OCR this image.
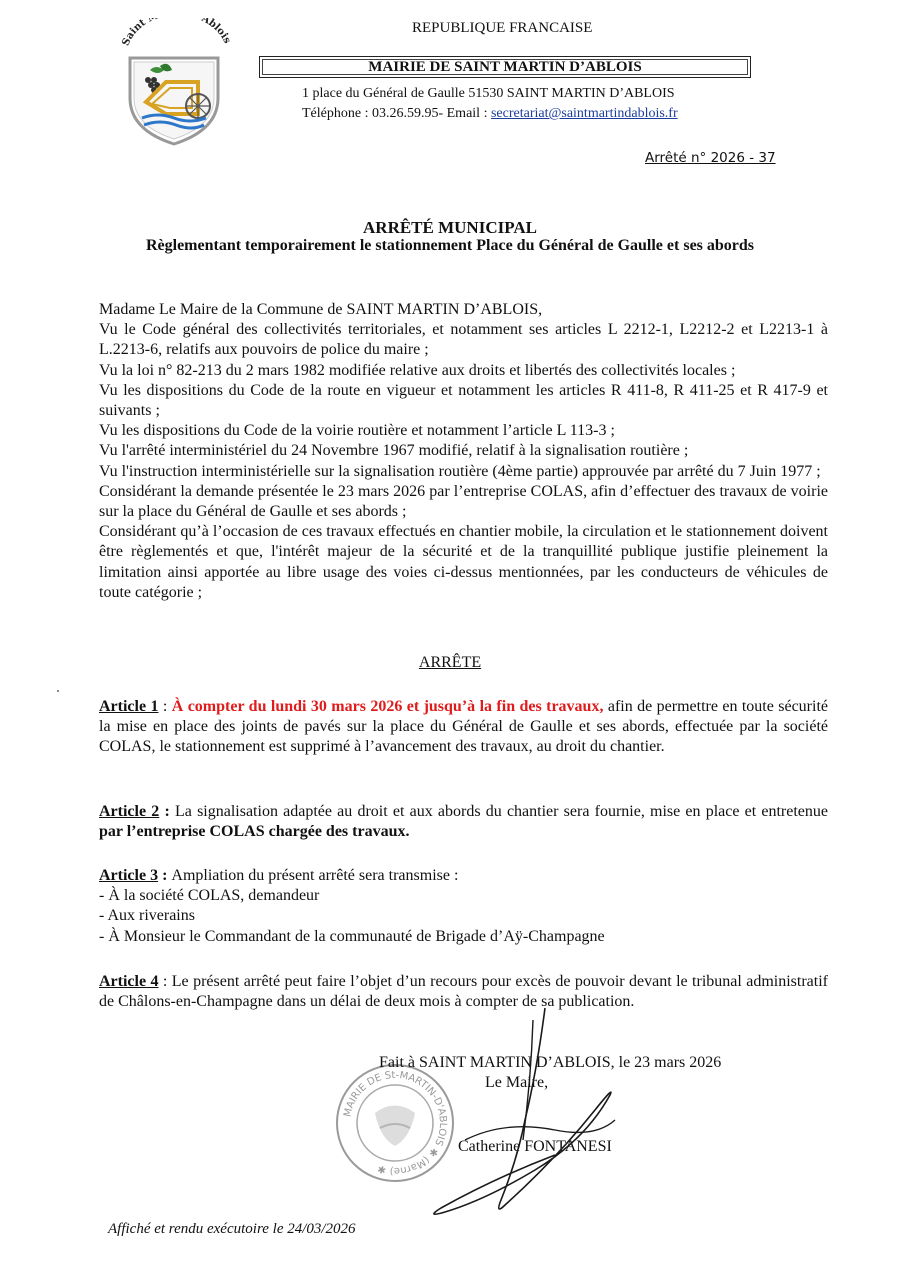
Saint Ablois
REPUBLIQUE FRANCAISE
MAIRIE DE SAINT MARTIN D’ABLOIS
1 place du Général de Gaulle 51530 SAINT MARTIN D’ABLOIS
Téléphone : 03.26.59.95- Email : secretariat@saintmartindablois.fr
Arrêté n° 2026 - 37
ARRÊTÉ MUNICIPAL
Règlementant temporairement le stationnement Place du Général de Gaulle et ses abords

Madame Le Maire de la Commune de SAINT MARTIN D’ABLOIS,

Vu le Code général des collectivités territoriales, et notamment ses articles L 2212-1, L2212-2 et L2213-1 à L.2213-6, relatifs aux pouvoirs de police du maire ;

Vu la loi n° 82-213 du 2 mars 1982 modifiée relative aux droits et libertés des collectivités locales ;

Vu les dispositions du Code de la route en vigueur et notamment les articles R 411-8, R 411-25 et R 417-9 et suivants ;

Vu les dispositions du Code de la voirie routière et notamment l’article L 113-3 ;

Vu l'arrêté interministériel du 24 Novembre 1967 modifié, relatif à la signalisation routière ;

Vu l'instruction interministérielle sur la signalisation routière (4ème partie) approuvée par arrêté du 7 Juin 1977 ;

Considérant la demande présentée le 23 mars 2026 par l’entreprise COLAS, afin d’effectuer des travaux de voirie sur la place du Général de Gaulle et ses abords ;

Considérant qu’à l’occasion de ces travaux effectués en chantier mobile, la circulation et le stationnement doivent être règlementés et que, l'intérêt majeur de la sécurité et de la tranquillité publique justifie pleinement la limitation ainsi apportée au libre usage des voies ci-dessus mentionnées, par les conducteurs de véhicules de toute catégorie ;

ARRÊTE

Article 1 : À compter du lundi 30 mars 2026 et jusqu’à la fin des travaux, afin de permettre en toute sécurité la mise en place des joints de pavés sur la place du Général de Gaulle et ses abords, effectuée par la société COLAS, le stationnement est supprimé à l’avancement des travaux, au droit du chantier.

Article 2 : La signalisation adaptée au droit et aux abords du chantier sera fournie, mise en place et entretenue par l’entreprise COLAS chargée des travaux.

Article 3 : Ampliation du présent arrêté sera transmise :

- À la société COLAS, demandeur

- Aux riverains

- À Monsieur le Commandant de la communauté de Brigade d’Aÿ-Champagne

Article 4 : Le présent arrêté peut faire l’objet d’un recours pour excès de pouvoir devant le tribunal administratif de Châlons-en-Champagne dans un délai de deux mois à compter de sa publication.

MAIRIE DE St-MARTIN-D'ABLOIS ✱ (Marne) ✱
Fait à SAINT MARTIN D’ABLOIS, le 23 mars 2026
Le Maire,
Catherine FONTANESI
Affiché et rendu exécutoire le 24/03/2026
